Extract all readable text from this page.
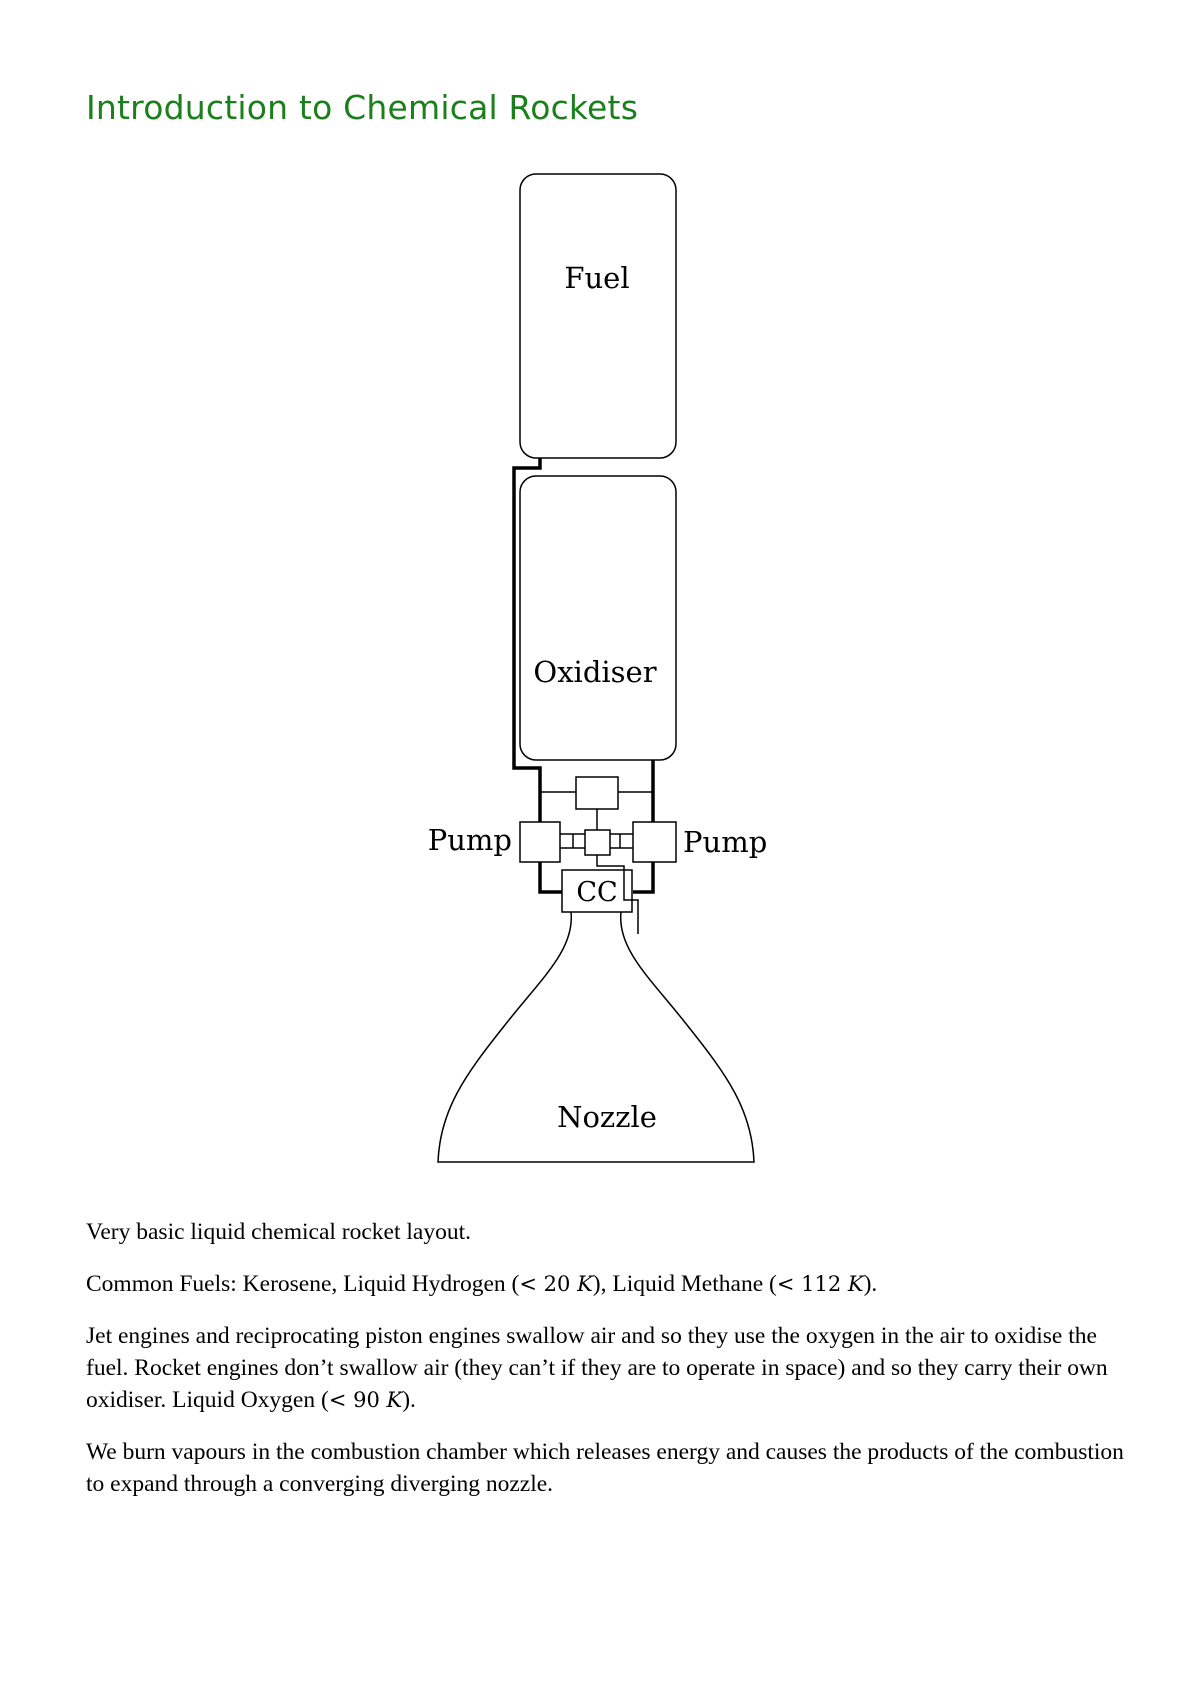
Introduction to Chemical Rockets
Fuel
Oxidiser
Pump	Pump
CC
Nozzle

Very basic liquid chemical rocket layout.

Common Fuels: Kerosene, Liquid Hydrogen (< 20 K), Liquid Methane (< 112 K).

Jet engines and reciprocating piston engines swallow air and so they use the oxygen in the air to oxidise the fuel. Rocket engines don’t swallow air (they can’t if they are to operate in space) and so they carry their own oxidiser. Liquid Oxygen (< 90 K).

We burn vapours in the combustion chamber which releases energy and causes the products of the combustion to expand through a converging diverging nozzle.
